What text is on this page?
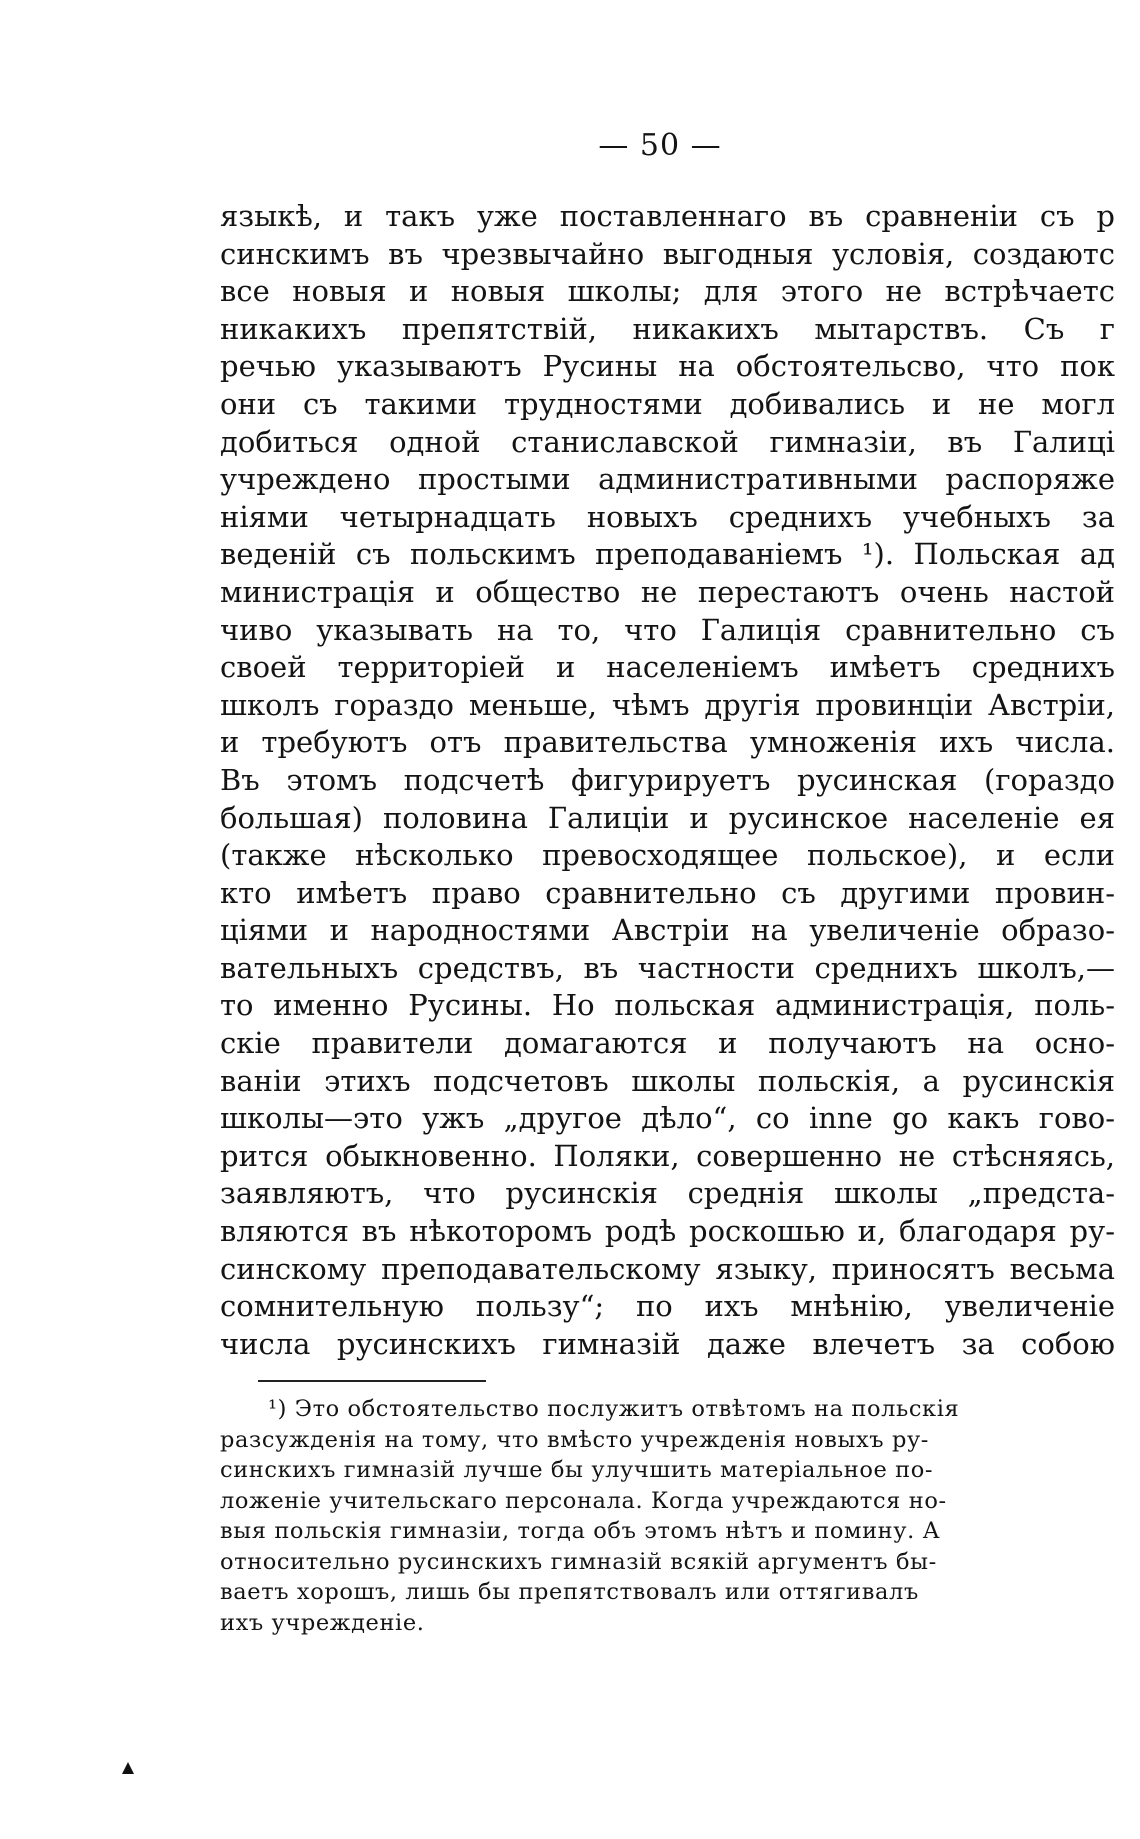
— 50 —
языкѣ, и такъ уже поставленнаго въ сравненіи съ р
синскимъ въ чрезвычайно выгодныя условія, создаютс
все новыя и новыя школы; для этого не встрѣчаетс
никакихъ препятствій, никакихъ мытарствъ. Съ г
речью указываютъ Русины на обстоятельсво, что пок
они съ такими трудностями добивались и не могл
добиться одной станиславской гимназіи, въ Галиці
учреждено простыми административными распоряже
ніями четырнадцать новыхъ среднихъ учебныхъ за
веденій съ польскимъ преподаваніемъ ¹). Польская ад
министрація и общество не перестаютъ очень настой
чиво указывать на то, что Галиція сравнительно съ
своей территоріей и населеніемъ имѣетъ среднихъ
школъ гораздо меньше, чѣмъ другія провинціи Австріи,
и требуютъ отъ правительства умноженія ихъ числа.
Въ этомъ подсчетѣ фигурируетъ русинская (гораздо
большая) половина Галиціи и русинское населеніе ея
(также нѣсколько превосходящее польское), и если
кто имѣетъ право сравнительно съ другими провин-
ціями и народностями Австріи на увеличеніе образо-
вательныхъ средствъ, въ частности среднихъ школъ,—
то именно Русины. Но польская администрація, поль-
скіе правители домагаются и получаютъ на осно-
ваніи этихъ подсчетовъ школы польскія, а русинскія
школы—это ужъ „другое дѣло“, со inne go какъ гово-
рится обыкновенно. Поляки, совершенно не стѣсняясь,
заявляютъ, что русинскія среднія школы „предста-
вляются въ нѣкоторомъ родѣ роскошью и, благодаря ру-
синскому преподавательскому языку, приносятъ весьма
сомнительную пользу“; по ихъ мнѣнію, увеличеніе
числа русинскихъ гимназій даже влечетъ за собою
¹) Это обстоятельство послужитъ отвѣтомъ на польскія
разсужденія на тому, что вмѣсто учрежденія новыхъ ру-
синскихъ гимназій лучше бы улучшить матеріальное по-
ложеніе учительскаго персонала. Когда учреждаются но-
выя польскія гимназіи, тогда объ этомъ нѣтъ и помину. А
относительно русинскихъ гимназій всякій аргументъ бы-
ваетъ хорошъ, лишь бы препятствовалъ или оттягивалъ
ихъ учрежденіе.
